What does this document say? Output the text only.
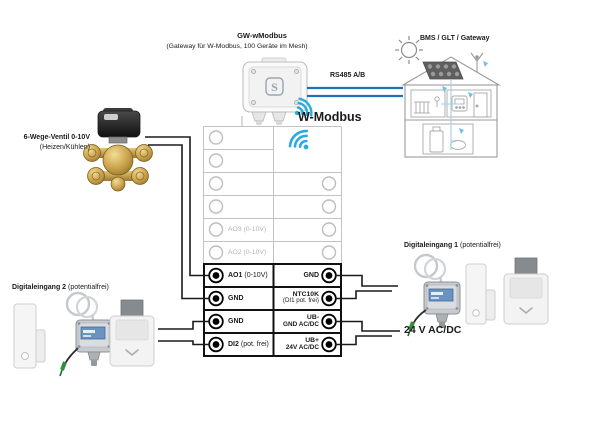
S
GW-wModbus
(Gateway für W-Modbus, 100 Geräte im Mesh)
RS485 A/B
BMS / GLT / Gateway
W-Modbus
6-Wege-Ventil 0-10V
(Heizen/Kühlen)
Digitaleingang 2 (potentialfrei)
Digitaleingang 1 (potentialfrei)
24 V AC/DC
AO3 (0-10V)
AO2 (0-10V)
AO1 (0-10V)
GND
GND
DI2 (pot. frei)
GND
NTC10K
(DI1 pot. frei)
UB-
GND AC/DC
UB+
24V AC/DC
